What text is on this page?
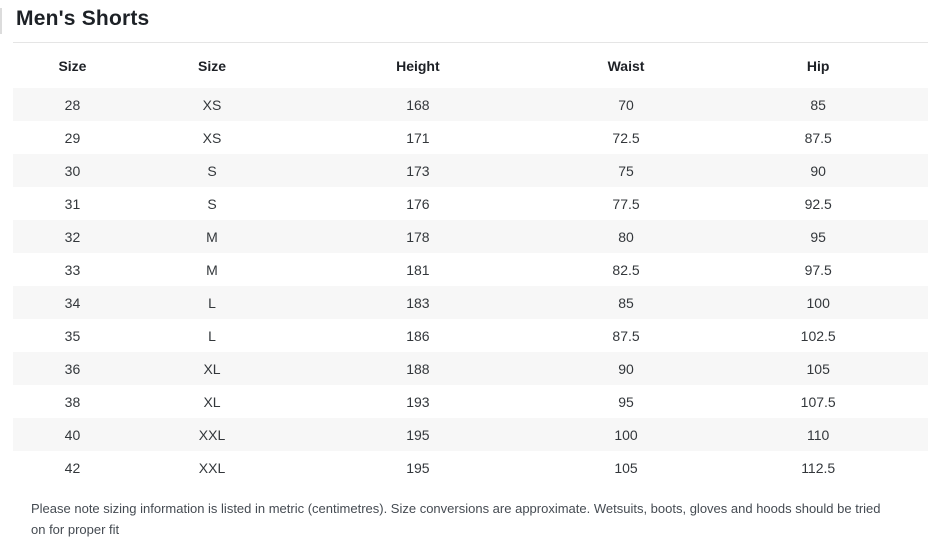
Men's Shorts
Size	Size	Height	Waist	Hip
28	XS	168	70	85
29	XS	171	72.5	87.5
30	S	173	75	90
31	S	176	77.5	92.5
32	M	178	80	95
33	M	181	82.5	97.5
34	L	183	85	100
35	L	186	87.5	102.5
36	XL	188	90	105
38	XL	193	95	107.5
40	XXL	195	100	110
42	XXL	195	105	112.5

Please note sizing information is listed in metric (centimetres). Size conversions are approximate. Wetsuits, boots, gloves and hoods should be tried on for proper fit
